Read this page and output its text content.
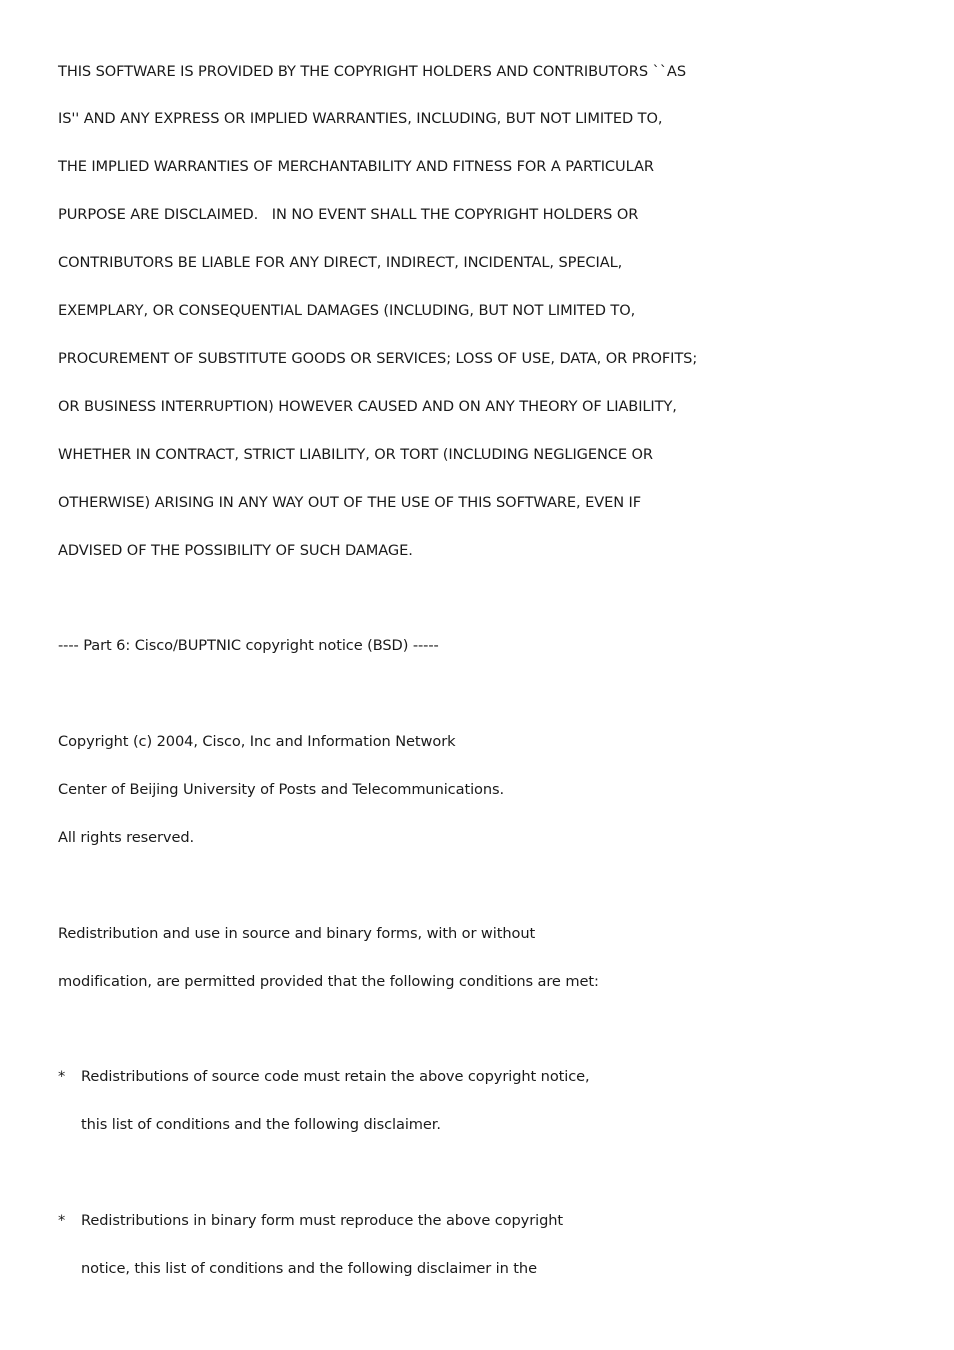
THIS SOFTWARE IS PROVIDED BY THE COPYRIGHT HOLDERS AND CONTRIBUTORS ``AS
IS'' AND ANY EXPRESS OR IMPLIED WARRANTIES, INCLUDING, BUT NOT LIMITED TO,
THE IMPLIED WARRANTIES OF MERCHANTABILITY AND FITNESS FOR A PARTICULAR
PURPOSE ARE DISCLAIMED.   IN NO EVENT SHALL THE COPYRIGHT HOLDERS OR
CONTRIBUTORS BE LIABLE FOR ANY DIRECT, INDIRECT, INCIDENTAL, SPECIAL,
EXEMPLARY, OR CONSEQUENTIAL DAMAGES (INCLUDING, BUT NOT LIMITED TO,
PROCUREMENT OF SUBSTITUTE GOODS OR SERVICES; LOSS OF USE, DATA, OR PROFITS;
OR BUSINESS INTERRUPTION) HOWEVER CAUSED AND ON ANY THEORY OF LIABILITY,
WHETHER IN CONTRACT, STRICT LIABILITY, OR TORT (INCLUDING NEGLIGENCE OR
OTHERWISE) ARISING IN ANY WAY OUT OF THE USE OF THIS SOFTWARE, EVEN IF
ADVISED OF THE POSSIBILITY OF SUCH DAMAGE.
---- Part 6: Cisco/BUPTNIC copyright notice (BSD) -----
Copyright (c) 2004, Cisco, Inc and Information Network
Center of Beijing University of Posts and Telecommunications.
All rights reserved.
Redistribution and use in source and binary forms, with or without
modification, are permitted provided that the following conditions are met:
* Redistributions of source code must retain the above copyright notice,
this list of conditions and the following disclaimer.
* Redistributions in binary form must reproduce the above copyright
notice, this list of conditions and the following disclaimer in the
